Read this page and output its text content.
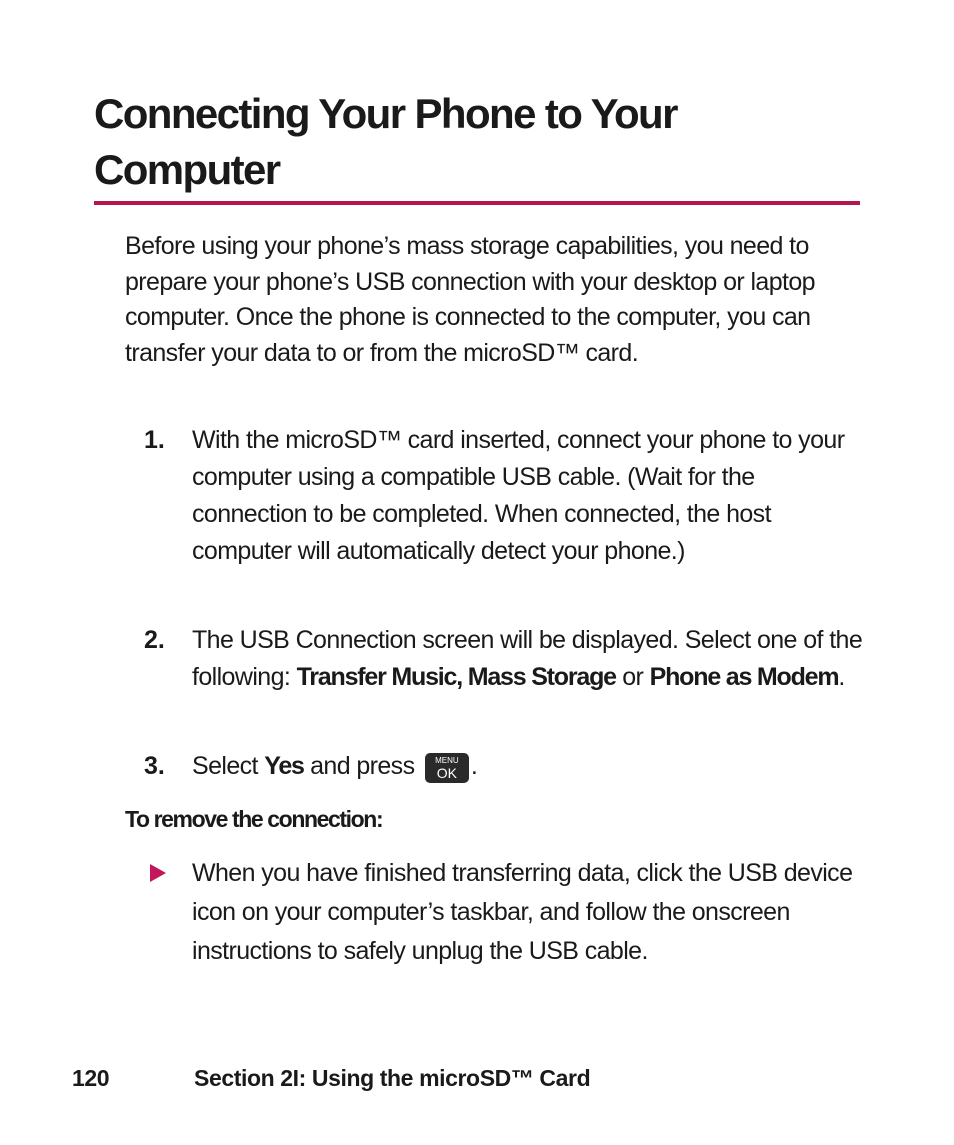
Connecting Your Phone to Your Computer

Before using your phone’s mass storage capabilities, you need to prepare your phone’s USB connection with your desktop or laptop computer. Once the phone is connected to the computer, you can transfer your data to or from the microSD™ card.

1. With the microSD™ card inserted, connect your phone to your computer using a compatible USB cable. (Wait for the connection to be completed. When connected, the host computer will automatically detect your phone.)
2. The USB Connection screen will be displayed. Select one of the following: Transfer Music, Mass Storage or Phone as Modem.
3. Select Yes and press	MENU
OK .
To remove the connection:
When you have finished transferring data, click the USB device icon on your computer’s taskbar, and follow the onscreen instructions to safely unplug the USB cable.
120	Section 2I: Using the microSD™ Card
